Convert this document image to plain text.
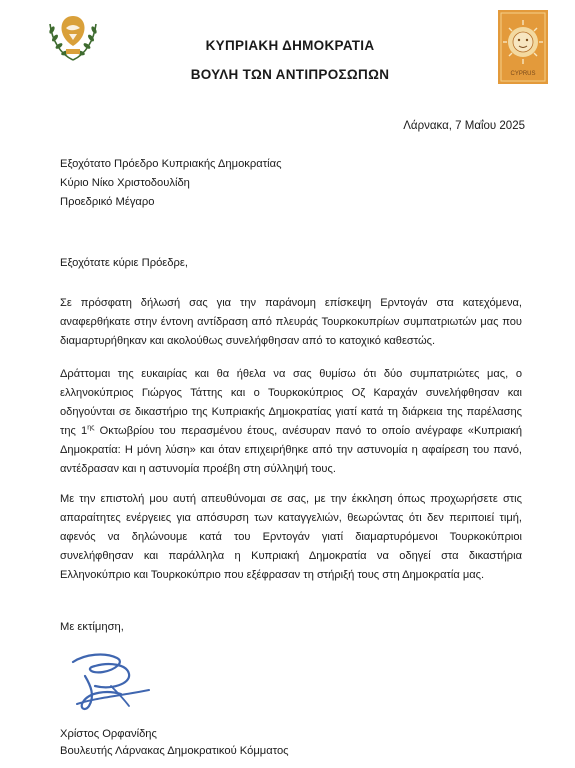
CYPRUS
ΚΥΠΡΙΑΚΗ ΔΗΜΟΚΡΑΤΙΑ
ΒΟΥΛΗ ΤΩΝ ΑΝΤΙΠΡΟΣΩΠΩΝ
Λάρνακα, 7 Μαΐου 2025
Εξοχότατο Πρόεδρο Κυπριακής Δημοκρατίας
Κύριο Νίκο Χριστοδουλίδη
Προεδρικό Μέγαρο
Εξοχότατε κύριε Πρόεδρε,
Σε πρόσφατη δήλωσή σας για την παράνομη επίσκεψη Ερντογάν στα κατεχόμενα, αναφερθήκατε στην έντονη αντίδραση από πλευράς Τουρκοκυπρίων συμπατριωτών μας που διαμαρτυρήθηκαν και ακολούθως συνελήφθησαν από το κατοχικό καθεστώς.
Δράττομαι της ευκαιρίας και θα ήθελα να σας θυμίσω ότι δύο συμπατριώτες μας, ο ελληνοκύπριος Γιώργος Τάττης και ο Τουρκοκύπριος Οζ Καραχάν συνελήφθησαν και οδηγούνται σε δικαστήριο της Κυπριακής Δημοκρατίας γιατί κατά τη διάρκεια της παρέλασης της $1^{\eta\varsigma}$ Οκτωβρίου του περασμένου έτους, ανέσυραν πανό το οποίο ανέγραφε «Κυπριακή Δημοκρατία: Η μόνη λύση» και όταν επιχειρήθηκε από την αστυνομία η αφαίρεση του πανό, αντέδρασαν και η αστυνομία προέβη στη σύλληψή τους.
Με την επιστολή μου αυτή απευθύνομαι σε σας, με την έκκληση όπως προχωρήσετε στις απαραίτητες ενέργειες για απόσυρση των καταγγελιών, θεωρώντας ότι δεν περιποιεί τιμή, αφενός να δηλώνουμε κατά του Ερντογάν γιατί διαμαρτυρόμενοι Τουρκοκύπριοι συνελήφθησαν και παράλληλα η Κυπριακή Δημοκρατία να οδηγεί στα δικαστήρια Ελληνοκύπριο και Τουρκοκύπριο που εξέφρασαν τη στήριξή τους στη Δημοκρατία μας.
Με εκτίμηση,
Χρίστος Ορφανίδης
Βουλευτής Λάρνακας Δημοκρατικού Κόμματος
